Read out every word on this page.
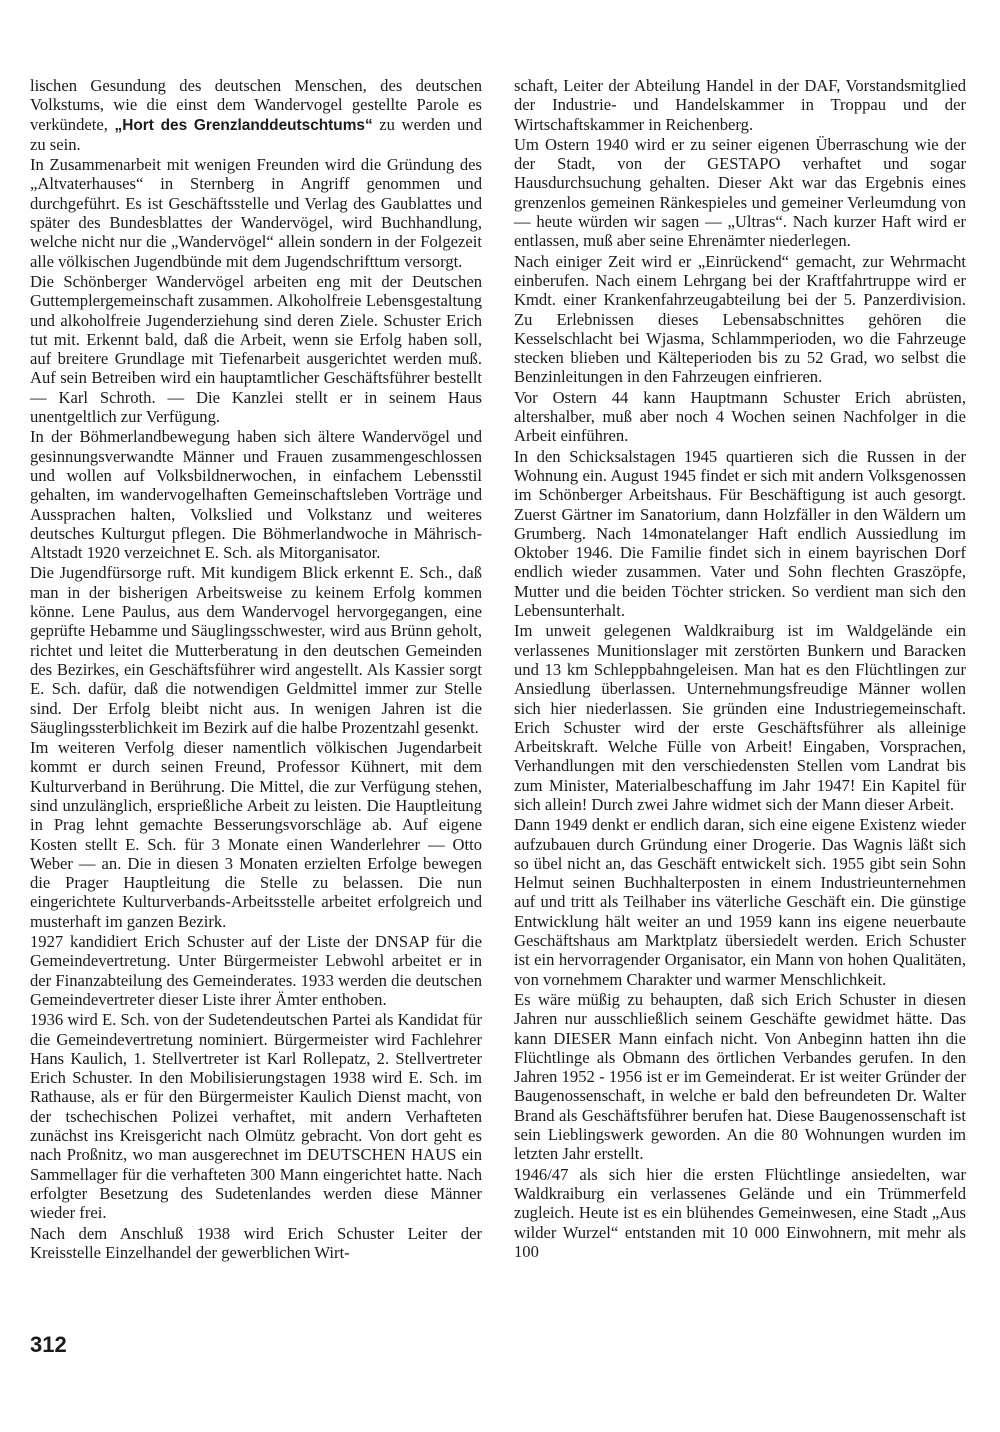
lischen Gesundung des deutschen Menschen, des deutschen Volkstums, wie die einst dem Wandervogel gestellte Parole es verkündete, „Hort des Grenzlanddeutschtums“ zu werden und zu sein.

In Zusammenarbeit mit wenigen Freunden wird die Gründung des „Altvaterhauses“ in Sternberg in Angriff genommen und durchgeführt. Es ist Geschäftsstelle und Verlag des Gaublattes und später des Bundesblattes der Wandervögel, wird Buchhandlung, welche nicht nur die „Wandervögel“ allein sondern in der Folgezeit alle völkischen Jugendbünde mit dem Jugendschrifttum versorgt.

Die Schönberger Wandervögel arbeiten eng mit der Deutschen Guttemplergemeinschaft zusammen. Alkoholfreie Lebensgestaltung und alkoholfreie Jugenderziehung sind deren Ziele. Schuster Erich tut mit. Erkennt bald, daß die Arbeit, wenn sie Erfolg haben soll, auf breitere Grundlage mit Tiefenarbeit ausgerichtet werden muß. Auf sein Betreiben wird ein hauptamtlicher Geschäftsführer bestellt — Karl Schroth. — Die Kanzlei stellt er in seinem Haus unentgeltlich zur Verfügung.

In der Böhmerlandbewegung haben sich ältere Wandervögel und gesinnungsverwandte Männer und Frauen zusammengeschlossen und wollen auf Volksbildnerwochen, in einfachem Lebensstil gehalten, im wandervogelhaften Gemeinschaftsleben Vorträge und Aussprachen halten, Volkslied und Volkstanz und weiteres deutsches Kulturgut pflegen. Die Böhmerlandwoche in Mährisch-Altstadt 1920 verzeichnet E. Sch. als Mitorganisator.

Die Jugendfürsorge ruft. Mit kundigem Blick erkennt E. Sch., daß man in der bisherigen Arbeitsweise zu keinem Erfolg kommen könne. Lene Paulus, aus dem Wandervogel hervorgegangen, eine geprüfte Hebamme und Säuglingsschwester, wird aus Brünn geholt, richtet und leitet die Mutterberatung in den deutschen Gemeinden des Bezirkes, ein Geschäftsführer wird angestellt. Als Kassier sorgt E. Sch. dafür, daß die notwendigen Geldmittel immer zur Stelle sind. Der Erfolg bleibt nicht aus. In wenigen Jahren ist die Säuglingssterblichkeit im Bezirk auf die halbe Prozentzahl gesenkt.

Im weiteren Verfolg dieser namentlich völkischen Jugendarbeit kommt er durch seinen Freund, Professor Kühnert, mit dem Kulturverband in Berührung. Die Mittel, die zur Verfügung stehen, sind unzulänglich, ersprießliche Arbeit zu leisten. Die Hauptleitung in Prag lehnt gemachte Besserungsvorschläge ab. Auf eigene Kosten stellt E. Sch. für 3 Monate einen Wanderlehrer — Otto Weber — an. Die in diesen 3 Monaten erzielten Erfolge bewegen die Prager Hauptleitung die Stelle zu belassen. Die nun eingerichtete Kulturverbands-Arbeitsstelle arbeitet erfolgreich und musterhaft im ganzen Bezirk.

1927 kandidiert Erich Schuster auf der Liste der DNSAP für die Gemeindevertretung. Unter Bürgermeister Lebwohl arbeitet er in der Finanzabteilung des Gemeinderates. 1933 werden die deutschen Gemeindevertreter dieser Liste ihrer Ämter enthoben.

1936 wird E. Sch. von der Sudetendeutschen Partei als Kandidat für die Gemeindevertretung nominiert. Bürgermeister wird Fachlehrer Hans Kaulich, 1. Stellvertreter ist Karl Rollepatz, 2. Stellvertreter Erich Schuster. In den Mobilisierungstagen 1938 wird E. Sch. im Rathause, als er für den Bürgermeister Kaulich Dienst macht, von der tschechischen Polizei verhaftet, mit andern Verhafteten zunächst ins Kreisgericht nach Olmütz gebracht. Von dort geht es nach Proßnitz, wo man ausgerechnet im DEUTSCHEN HAUS ein Sammellager für die verhafteten 300 Mann eingerichtet hatte. Nach erfolgter Besetzung des Sudetenlandes werden diese Männer wieder frei.

Nach dem Anschluß 1938 wird Erich Schuster Leiter der Kreisstelle Einzelhandel der gewerblichen Wirt-

schaft, Leiter der Abteilung Handel in der DAF, Vorstandsmitglied der Industrie- und Handelskammer in Troppau und der Wirtschaftskammer in Reichenberg.

Um Ostern 1940 wird er zu seiner eigenen Überraschung wie der der Stadt, von der GESTAPO verhaftet und sogar Hausdurchsuchung gehalten. Dieser Akt war das Ergebnis eines grenzenlos gemeinen Ränkespieles und gemeiner Verleumdung von — heute würden wir sagen — „Ultras“. Nach kurzer Haft wird er entlassen, muß aber seine Ehrenämter niederlegen.

Nach einiger Zeit wird er „Einrückend“ gemacht, zur Wehrmacht einberufen. Nach einem Lehrgang bei der Kraftfahrtruppe wird er Kmdt. einer Krankenfahrzeugabteilung bei der 5. Panzerdivision. Zu Erlebnissen dieses Lebensabschnittes gehören die Kesselschlacht bei Wjasma, Schlammperioden, wo die Fahrzeuge stecken blieben und Kälteperioden bis zu 52 Grad, wo selbst die Benzinleitungen in den Fahrzeugen einfrieren.

Vor Ostern 44 kann Hauptmann Schuster Erich abrüsten, altershalber, muß aber noch 4 Wochen seinen Nachfolger in die Arbeit einführen.

In den Schicksalstagen 1945 quartieren sich die Russen in der Wohnung ein. August 1945 findet er sich mit andern Volksgenossen im Schönberger Arbeitshaus. Für Beschäftigung ist auch gesorgt. Zuerst Gärtner im Sanatorium, dann Holzfäller in den Wäldern um Grumberg. Nach 14monatelanger Haft endlich Aussiedlung im Oktober 1946. Die Familie findet sich in einem bayrischen Dorf endlich wieder zusammen. Vater und Sohn flechten Graszöpfe, Mutter und die beiden Töchter stricken. So verdient man sich den Lebensunterhalt.

Im unweit gelegenen Waldkraiburg ist im Waldgelände ein verlassenes Munitionslager mit zerstörten Bunkern und Baracken und 13 km Schleppbahngeleisen. Man hat es den Flüchtlingen zur Ansiedlung überlassen. Unternehmungsfreudige Männer wollen sich hier niederlassen. Sie gründen eine Industriegemeinschaft. Erich Schuster wird der erste Geschäftsführer als alleinige Arbeitskraft. Welche Fülle von Arbeit! Eingaben, Vorsprachen, Verhandlungen mit den verschiedensten Stellen vom Landrat bis zum Minister, Materialbeschaffung im Jahr 1947! Ein Kapitel für sich allein! Durch zwei Jahre widmet sich der Mann dieser Arbeit.

Dann 1949 denkt er endlich daran, sich eine eigene Existenz wieder aufzubauen durch Gründung einer Drogerie. Das Wagnis läßt sich so übel nicht an, das Geschäft entwickelt sich. 1955 gibt sein Sohn Helmut seinen Buchhalterposten in einem Industrieunternehmen auf und tritt als Teilhaber ins väterliche Geschäft ein. Die günstige Entwicklung hält weiter an und 1959 kann ins eigene neuerbaute Geschäftshaus am Marktplatz übersiedelt werden. Erich Schuster ist ein hervorragender Organisator, ein Mann von hohen Qualitäten, von vornehmem Charakter und warmer Menschlichkeit.

Es wäre müßig zu behaupten, daß sich Erich Schuster in diesen Jahren nur ausschließlich seinem Geschäfte gewidmet hätte. Das kann DIESER Mann einfach nicht. Von Anbeginn hatten ihn die Flüchtlinge als Obmann des örtlichen Verbandes gerufen. In den Jahren 1952 - 1956 ist er im Gemeinderat. Er ist weiter Gründer der Baugenossenschaft, in welche er bald den befreundeten Dr. Walter Brand als Geschäftsführer berufen hat. Diese Baugenossenschaft ist sein Lieblingswerk geworden. An die 80 Wohnungen wurden im letzten Jahr erstellt.

1946/47 als sich hier die ersten Flüchtlinge ansiedelten, war Waldkraiburg ein verlassenes Gelände und ein Trümmerfeld zugleich. Heute ist es ein blühendes Gemeinwesen, eine Stadt „Aus wilder Wurzel“ entstanden mit 10 000 Einwohnern, mit mehr als 100

312
